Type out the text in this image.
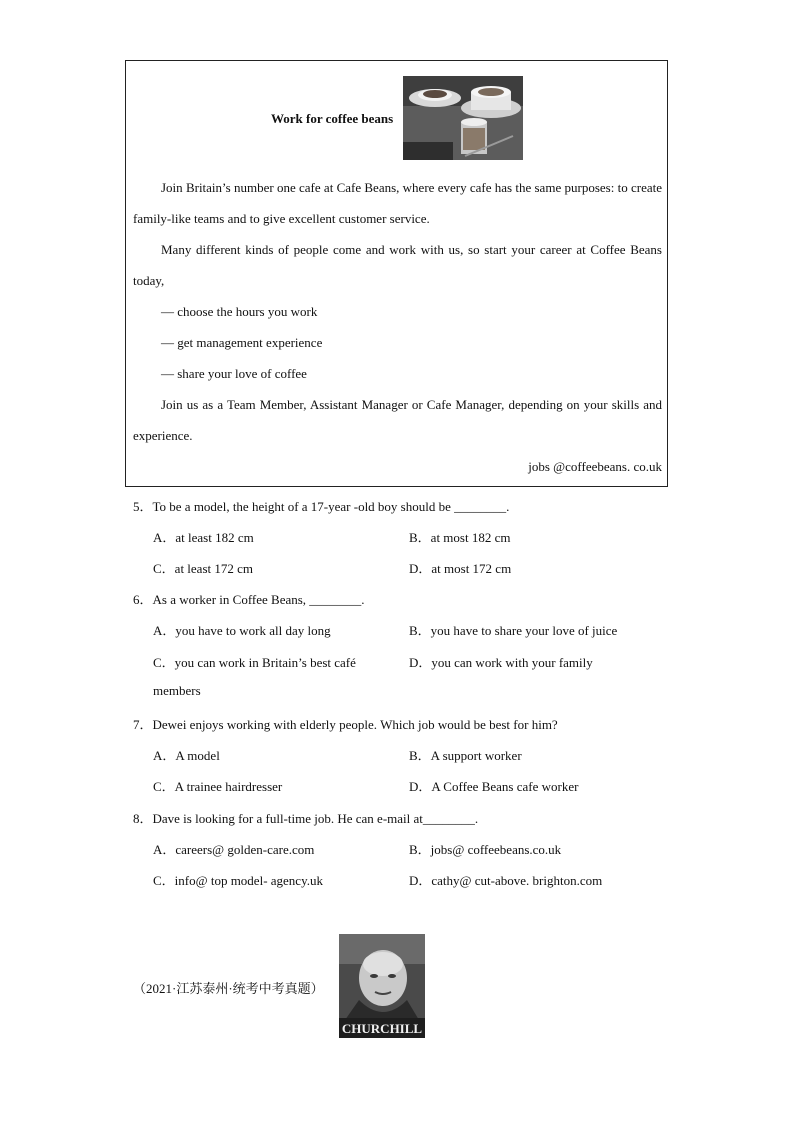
Work for coffee beans

Join Britain’s number one cafe at Cafe Beans, where every cafe has the same purposes: to create family-like teams and to give excellent customer service.

Many different kinds of people come and work with us, so start your career at Coffee Beans today,

— choose the hours you work

— get management experience

— share your love of coffee

Join us as a Team Member, Assistant Manager or Cafe Manager, depending on your skills and experience.

jobs @coffeebeans. co.uk

5．To be a model, the height of a 17-year -old boy should be ________.
A．at least 182 cm	B．at most 182 cm
C．at least 172 cm	D．at most 172 cm
6．As a worker in Coffee Beans, ________.
A．you have to work all day long	B．you have to share your love of juice
C．you can work in Britain’s best café	D．you can work with your family
members
7．Dewei enjoys working with elderly people. Which job would be best for him?
A．A model	B．A support worker
C．A trainee hairdresser	D．A Coffee Beans cafe worker
8．Dave is looking for a full-time job. He can e-mail at________.
A．careers@ golden-care.com	B．jobs@ coffeebeans.co.uk
C．info@ top model- agency.uk	D．cathy@ cut-above. brighton.com
（2021·江苏泰州·统考中考真题）
CHURCHILL
